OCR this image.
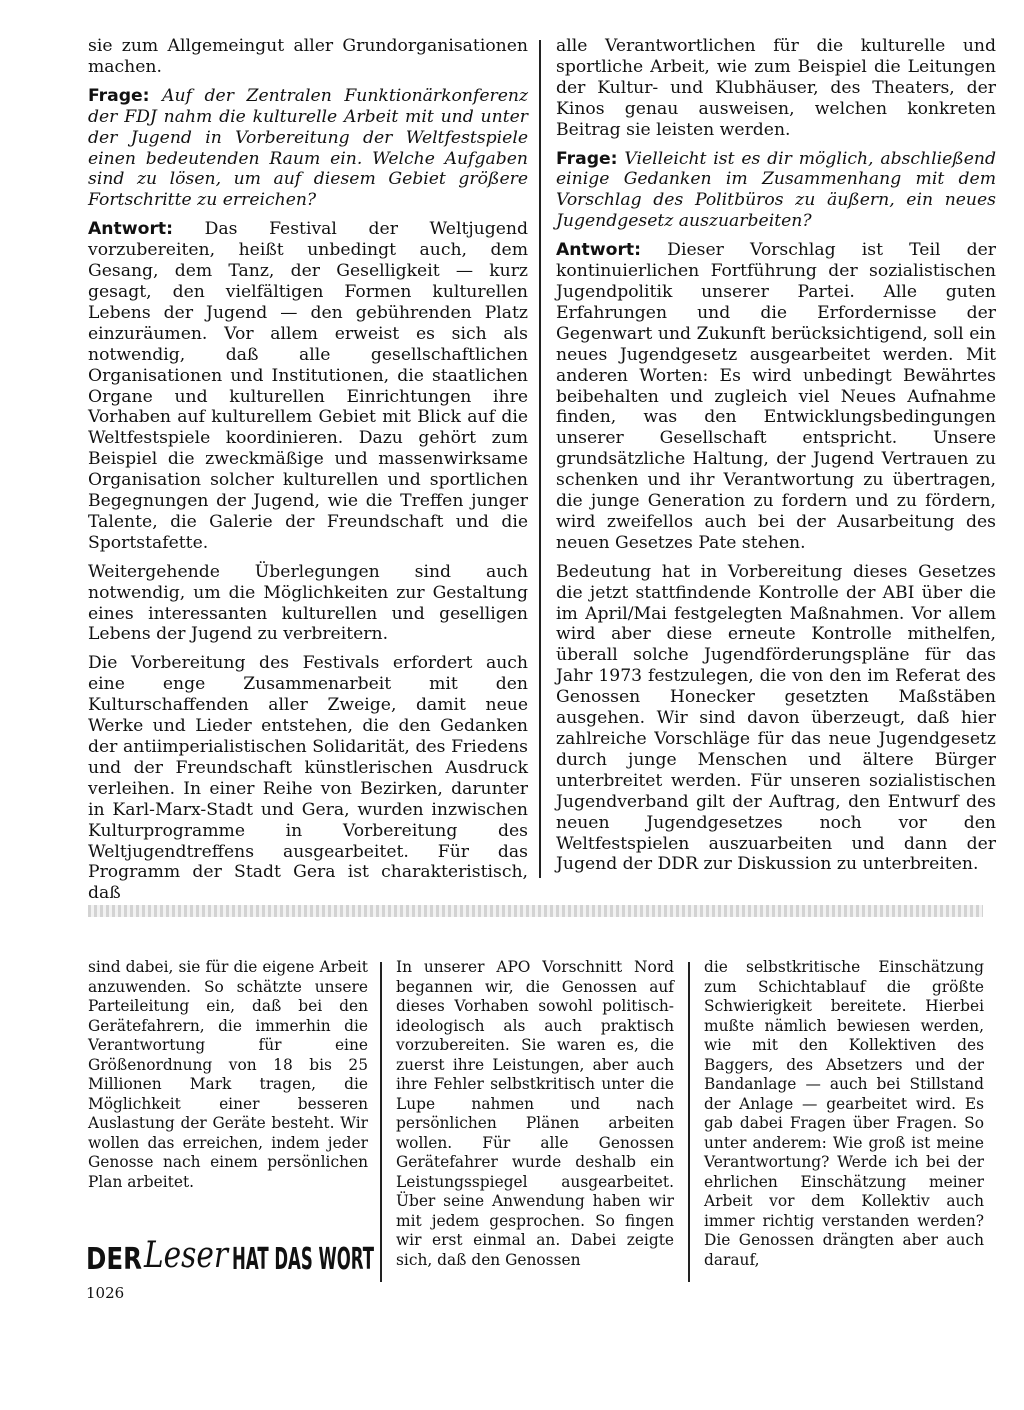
sie zum Allgemeingut aller Grundorganisationen machen.

Frage: Auf der Zentralen Funktionärkonferenz der FDJ nahm die kulturelle Arbeit mit und unter der Jugend in Vorbereitung der Weltfestspiele einen bedeutenden Raum ein. Welche Aufgaben sind zu lösen, um auf diesem Gebiet größere Fortschritte zu erreichen?

Antwort: Das Festival der Weltjugend vorzubereiten, heißt unbedingt auch, dem Gesang, dem Tanz, der Geselligkeit — kurz gesagt, den vielfältigen Formen kulturellen Lebens der Jugend — den gebührenden Platz einzuräumen. Vor allem erweist es sich als notwendig, daß alle gesellschaftlichen Organisationen und Institutionen, die staatlichen Organe und kulturellen Einrichtungen ihre Vorhaben auf kulturellem Gebiet mit Blick auf die Weltfestspiele koordinieren. Dazu gehört zum Beispiel die zweckmäßige und massenwirksame Organisation solcher kulturellen und sportlichen Begegnungen der Jugend, wie die Treffen junger Talente, die Galerie der Freundschaft und die Sportstafette.

Weitergehende Überlegungen sind auch notwendig, um die Möglichkeiten zur Gestaltung eines interessanten kulturellen und geselligen Lebens der Jugend zu verbreitern.

Die Vorbereitung des Festivals erfordert auch eine enge Zusammenarbeit mit den Kulturschaffenden aller Zweige, damit neue Werke und Lieder entstehen, die den Gedanken der antiimperialistischen Solidarität, des Friedens und der Freundschaft künstlerischen Ausdruck verleihen. In einer Reihe von Bezirken, darunter in Karl-Marx-Stadt und Gera, wurden inzwischen Kulturprogramme in Vorbereitung des Weltjugendtreffens ausgearbeitet. Für das Programm der Stadt Gera ist charakteristisch, daß

alle Verantwortlichen für die kulturelle und sportliche Arbeit, wie zum Beispiel die Leitungen der Kultur- und Klubhäuser, des Theaters, der Kinos genau ausweisen, welchen konkreten Beitrag sie leisten werden.

Frage: Vielleicht ist es dir möglich, abschließend einige Gedanken im Zusammenhang mit dem Vorschlag des Politbüros zu äußern, ein neues Jugendgesetz auszuarbeiten?

Antwort: Dieser Vorschlag ist Teil der kontinuierlichen Fortführung der sozialistischen Jugendpolitik unserer Partei. Alle guten Erfahrungen und die Erfordernisse der Gegenwart und Zukunft berücksichtigend, soll ein neues Jugendgesetz ausgearbeitet werden. Mit anderen Worten: Es wird unbedingt Bewährtes beibehalten und zugleich viel Neues Aufnahme finden, was den Entwicklungsbedingungen unserer Gesellschaft entspricht. Unsere grundsätzliche Haltung, der Jugend Vertrauen zu schenken und ihr Verantwortung zu übertragen, die junge Generation zu fordern und zu fördern, wird zweifellos auch bei der Ausarbeitung des neuen Gesetzes Pate stehen.

Bedeutung hat in Vorbereitung dieses Gesetzes die jetzt stattfindende Kontrolle der ABI über die im April/Mai festgelegten Maßnahmen. Vor allem wird aber diese erneute Kontrolle mithelfen, überall solche Jugendförderungspläne für das Jahr 1973 festzulegen, die von den im Referat des Genossen Honecker gesetzten Maßstäben ausgehen. Wir sind davon überzeugt, daß hier zahlreiche Vorschläge für das neue Jugendgesetz durch junge Menschen und ältere Bürger unterbreitet werden. Für unseren sozialistischen Jugendverband gilt der Auftrag, den Entwurf des neuen Jugendgesetzes noch vor den Weltfestspielen auszuarbeiten und dann der Jugend der DDR zur Diskussion zu unterbreiten.

sind dabei, sie für die eigene Arbeit anzuwenden. So schätzte unsere Parteileitung ein, daß bei den Gerätefahrern, die immerhin die Verantwortung für eine Größenordnung von 18 bis 25 Millionen Mark tragen, die Möglichkeit einer besseren Auslastung der Geräte besteht. Wir wollen das erreichen, indem jeder Genosse nach einem persönlichen Plan arbeitet.

In unserer APO Vorschnitt Nord begannen wir, die Genossen auf dieses Vorhaben sowohl politisch-ideologisch als auch praktisch vorzubereiten. Sie waren es, die zuerst ihre Leistungen, aber auch ihre Fehler selbstkritisch unter die Lupe nahmen und nach persönlichen Plänen arbeiten wollen. Für alle Genossen Gerätefahrer wurde deshalb ein Leistungsspiegel ausgearbeitet. Über seine Anwendung haben wir mit jedem gesprochen. So fingen wir erst einmal an. Dabei zeigte sich, daß den Genossen

die selbstkritische Einschätzung zum Schichtablauf die größte Schwierigkeit bereitete. Hierbei mußte nämlich bewiesen werden, wie mit den Kollektiven des Baggers, des Absetzers und der Bandanlage — auch bei Stillstand der Anlage — gearbeitet wird. Es gab dabei Fragen über Fragen. So unter anderem: Wie groß ist meine Verantwortung? Werde ich bei der ehrlichen Einschätzung meiner Arbeit vor dem Kollektiv auch immer richtig verstanden werden? Die Genossen drängten aber auch darauf,

DER Leser HAT DAS WORT
1026
